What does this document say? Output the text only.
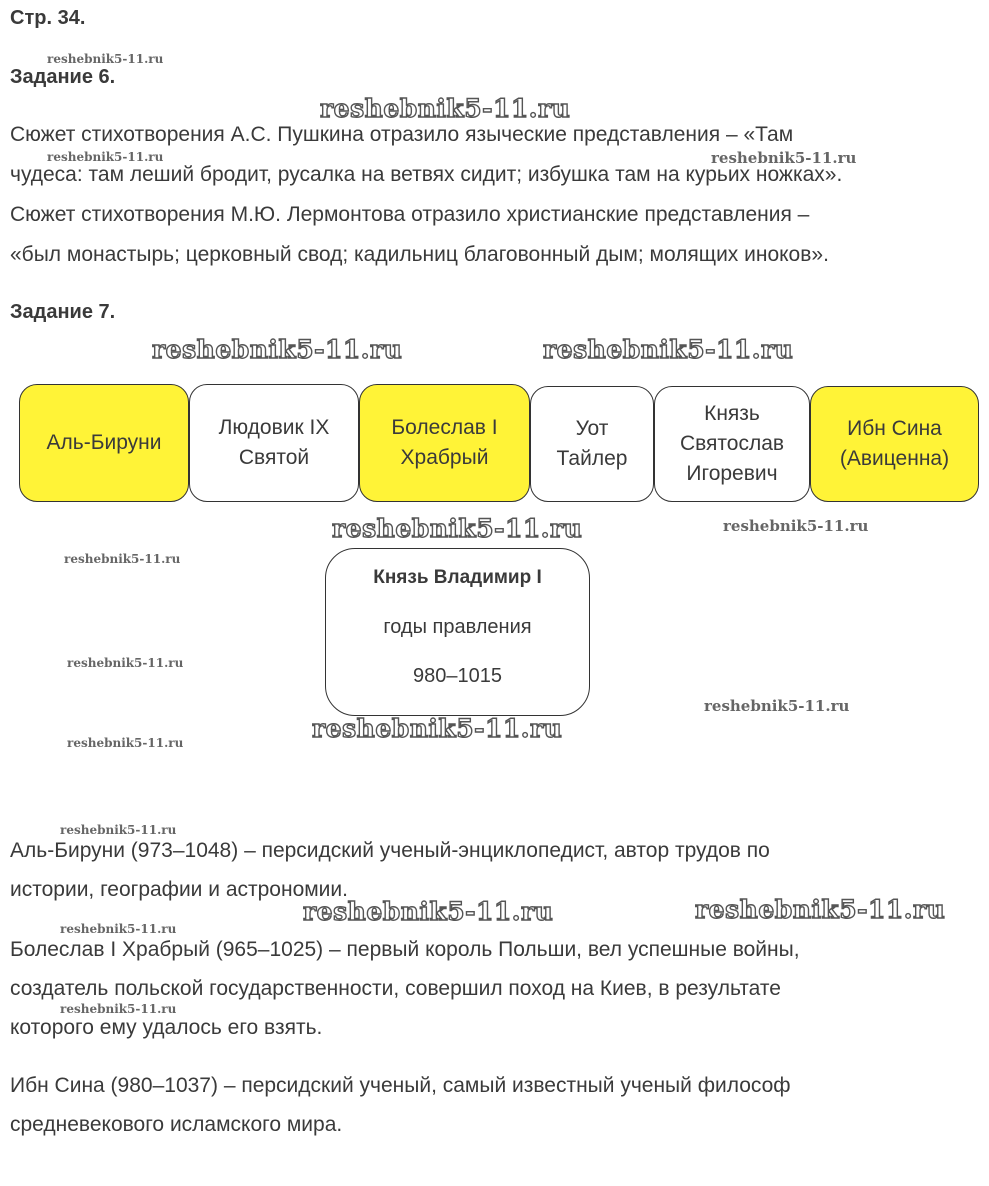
Стр. 34.
Задание 6.
Сюжет стихотворения А.С. Пушкина отразило языческие представления – «Там
чудеса: там леший бродит, русалка на ветвях сидит; избушка там на курьих ножках».
Сюжет стихотворения М.Ю. Лермонтова отразило христианские представления –
«был монастырь; церковный свод; кадильниц благовонный дым; молящих иноков».
Задание 7.
Аль-Бируни
Людовик IX
Святой
Болеслав I
Храбрый
Уот
Тайлер
Князь
Святослав
Игоревич
Ибн Сина
(Авиценна)
Князь Владимир I
годы правления
980–1015
Аль-Бируни (973–1048) – персидский ученый-энциклопедист, автор трудов по
истории, географии и астрономии.
Болеслав I Храбрый (965–1025) – первый король Польши, вел успешные войны,
создатель польской государственности, совершил поход на Киев, в результате
которого ему удалось его взять.
Ибн Сина (980–1037) – персидский ученый, самый известный ученый философ
средневекового исламского мира.
reshebnik5-11.ru
reshebnik5-11.ru	reshebnik5-11.ru
reshebnik5-11.ru
reshebnik5-11.ru
reshebnik5-11.ru	reshebnik5-11.ru
reshebnik5-11.ru
reshebnik5-11.ru	reshebnik5-11.ru
reshebnik5-11.ru
reshebnik5-11.ru
reshebnik5-11.ru
reshebnik5-11.ru
reshebnik5-11.ru
reshebnik5-11.ru
reshebnik5-11.ru
reshebnik5-11.ru
